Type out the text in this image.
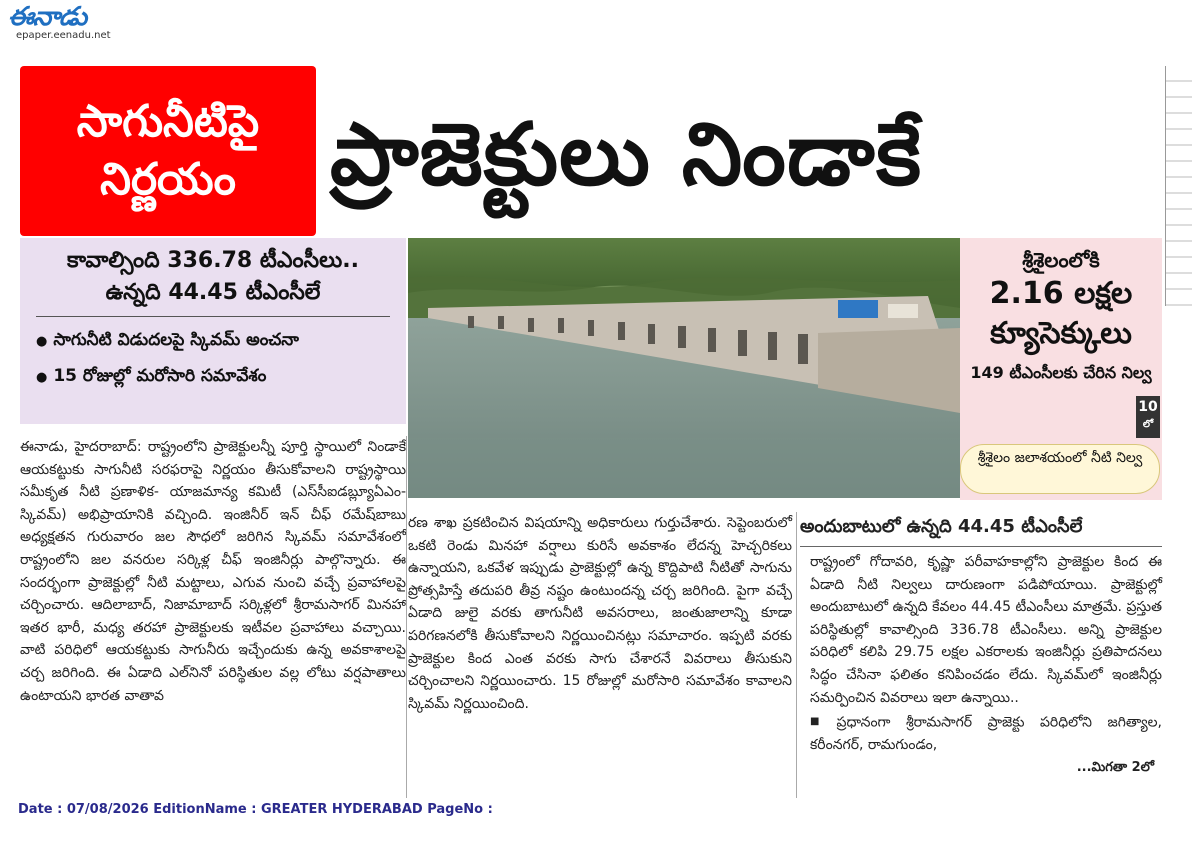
ఈనాడు
epaper.eenadu.net
సాగునీటిపై నిర్ణయం	ప్రాజెక్టులు నిండాకే
కావాల్సింది 336.78 టీఎంసీలు..
ఉన్నది 44.45 టీఎంసీలే
● సాగునీటి విడుదలపై స్కివమ్ అంచనా
● 15 రోజుల్లో మరోసారి సమావేశం
శ్రీశైలంలోకి
2.16 లక్షల
క్యూసెక్కులు
149 టీఎంసీలకు చేరిన నిల్వ
10
లో
శ్రీశైలం జలాశయంలో నీటి నిల్వ
ఈనాడు, హైదరాబాద్: రాష్ట్రంలోని ప్రాజెక్టులన్నీ పూర్తి స్థాయిలో నిండాకే ఆయకట్టుకు సాగునీటి సరఫరాపై నిర్ణయం తీసుకోవాలని రాష్ట్రస్థాయి సమీకృత నీటి ప్రణాళిక- యాజమాన్య కమిటీ (ఎస్‌సీఐడబ్ల్యూఏఎం-స్కివమ్) అభిప్రాయానికి వచ్చింది. ఇంజినీర్ ఇన్ చీఫ్ రమేష్‌బాబు అధ్యక్షతన గురువారం జల సౌధలో జరిగిన స్కివమ్ సమావేశంలో రాష్ట్రంలోని జల వనరుల సర్కిళ్ల చీఫ్ ఇంజినీర్లు పాల్గొన్నారు. ఈ సందర్భంగా ప్రాజెక్టుల్లో నీటి మట్టాలు, ఎగువ నుంచి వచ్చే ప్రవాహాలపై చర్చించారు. ఆదిలాబాద్, నిజామాబాద్ సర్కిళ్లలో శ్రీరామసాగర్ మినహా ఇతర భారీ, మధ్య తరహా ప్రాజెక్టులకు ఇటీవల ప్రవాహాలు వచ్చాయి. వాటి పరిధిలో ఆయకట్టుకు సాగునీరు ఇచ్చేందుకు ఉన్న అవకాశాలపై చర్చ జరిగింది. ఈ ఏడాది ఎల్‌నినో పరిస్థితుల వల్ల లోటు వర్షపాతాలు ఉంటాయని భారత వాతావ
రణ శాఖ ప్రకటించిన విషయాన్ని అధికారులు గుర్తుచేశారు. సెప్టెంబరులో ఒకటి రెండు మినహా వర్షాలు కురిసే అవకాశం లేదన్న హెచ్చరికలు ఉన్నాయని, ఒకవేళ ఇప్పుడు ప్రాజెక్టుల్లో ఉన్న కొద్దిపాటి నీటితో సాగును ప్రోత్సహిస్తే తదుపరి తీవ్ర నష్టం ఉంటుందన్న చర్చ జరిగింది. పైగా వచ్చే ఏడాది జులై వరకు తాగునీటి అవసరాలు, జంతుజాలాన్ని కూడా పరిగణనలోకి తీసుకోవాలని నిర్ణయించినట్లు సమాచారం. ఇప్పటి వరకు ప్రాజెక్టుల కింద ఎంత వరకు సాగు చేశారనే వివరాలు తీసుకుని చర్చించాలని నిర్ణయించారు. 15 రోజుల్లో మరోసారి సమావేశం కావాలని స్కివమ్ నిర్ణయించింది.
అందుబాటులో ఉన్నది 44.45 టీఎంసీలే
రాష్ట్రంలో గోదావరి, కృష్ణా పరీవాహకాల్లోని ప్రాజెక్టుల కింద ఈ ఏడాది నీటి నిల్వలు దారుణంగా పడిపోయాయి. ప్రాజెక్టుల్లో అందుబాటులో ఉన్నది కేవలం 44.45 టీఎంసీలు మాత్రమే. ప్రస్తుత పరిస్థితుల్లో కావాల్సింది 336.78 టీఎంసీలు. అన్ని ప్రాజెక్టుల పరిధిలో కలిపి 29.75 లక్షల ఎకరాలకు ఇంజినీర్లు ప్రతిపాదనలు సిద్ధం చేసినా ఫలితం కనిపించడం లేదు. స్కివమ్‌లో ఇంజినీర్లు సమర్పించిన వివరాలు ఇలా ఉన్నాయి..
■ ప్రధానంగా శ్రీరామసాగర్ ప్రాజెక్టు పరిధిలోని జగిత్యాల, కరీంనగర్, రామగుండం,
...మిగతా 2లో
Date : 07/08/2026 EditionName : GREATER HYDERABAD PageNo :
